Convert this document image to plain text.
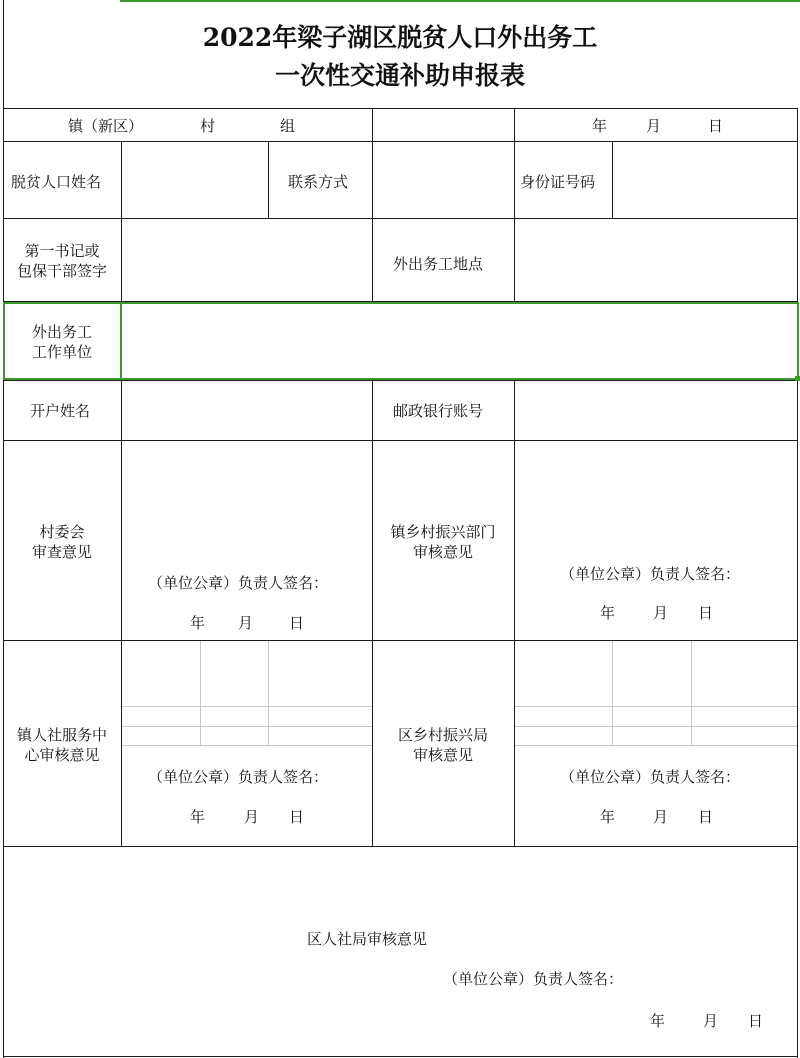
2022年梁子湖区脱贫人口外出务工
一次性交通补助申报表
镇（新区）	村	组	年	月	日
脱贫人口姓名	联系方式	身份证号码
第一书记或
包保干部签字	外出务工地点
外出务工
工作单位
开户姓名	邮政银行账号
村委会
审查意见
（单位公章）负责人签名：
年 月 日
镇乡村振兴部门
审核意见
（单位公章）负责人签名：
年	月 日
镇人社服务中
心审核意见
（单位公章）负责人签名：
年	月 日
区乡村振兴局
审核意见
（单位公章）负责人签名：
年	月 日
区人社局审核意见
（单位公章）负责人签名：
年	月 日
